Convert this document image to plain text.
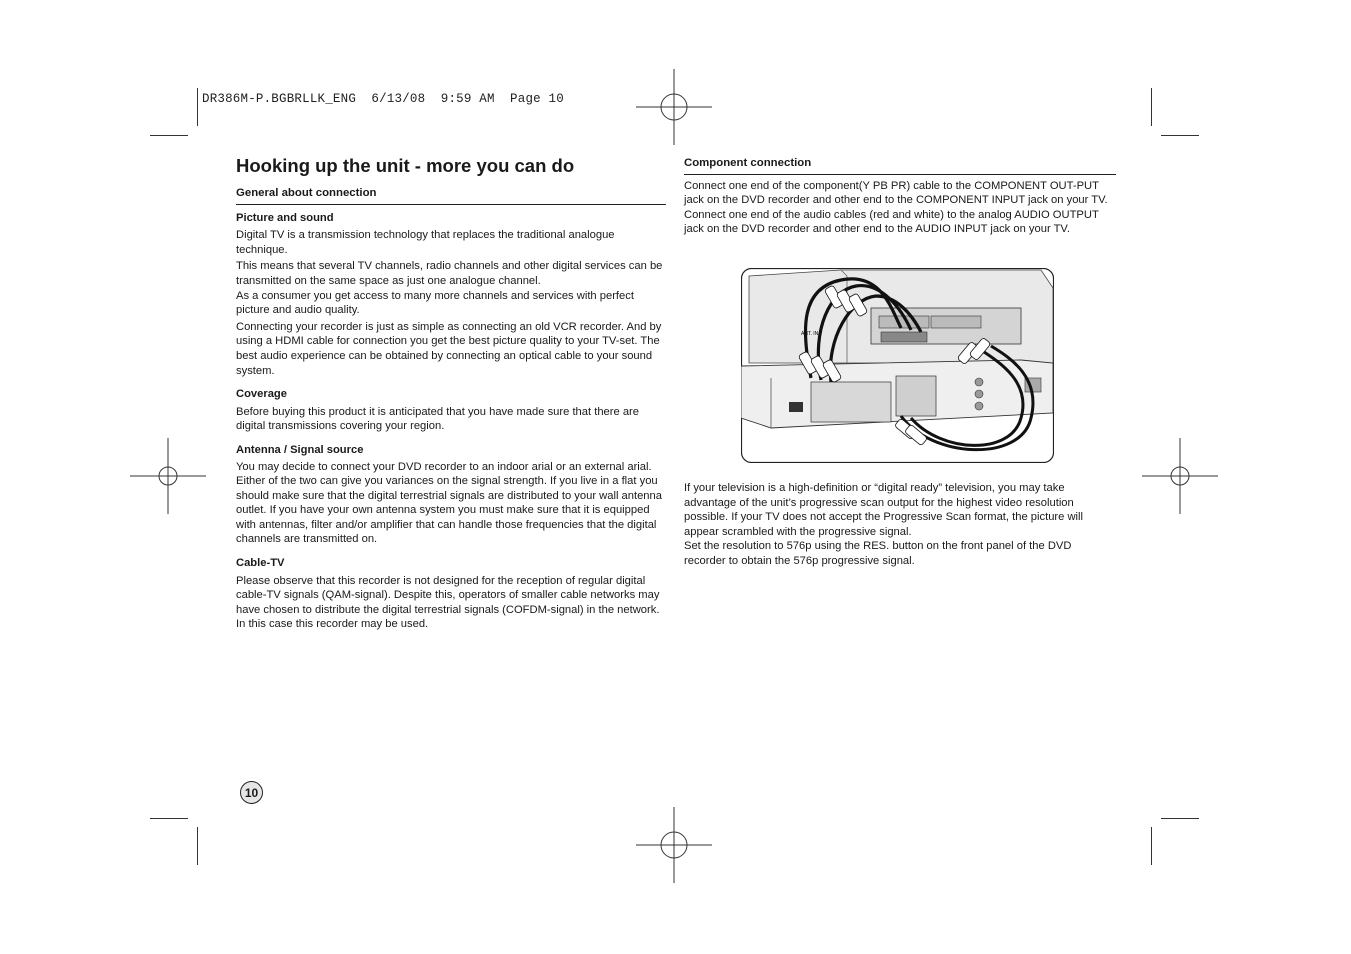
DR386M-P.BGBRLLK_ENG  6/13/08  9:59 AM  Page 10
Hooking up the unit - more you can do
General about connection
Picture and sound

Digital TV is a transmission technology that replaces the traditional analogue technique.

This means that several TV channels, radio channels and other digital services can be transmitted on the same space as just one analogue channel.

As a consumer you get access to many more channels and services with perfect picture and audio quality.

Connecting your recorder is just as simple as connecting an old VCR recorder. And by using a HDMI cable for connection you get the best picture quality to your TV-set. The best audio experience can be obtained by connecting an optical cable to your sound system.

Coverage

Before buying this product it is anticipated that you have made sure that there are digital transmissions covering your region.

Antenna / Signal source

You may decide to connect your DVD recorder to an indoor arial or an external arial. Either of the two can give you variances on the signal strength. If you live in a flat you should make sure that the digital terrestrial signals are distributed to your wall antenna outlet. If you have your own antenna system you must make sure that it is equipped with antennas, filter and/or amplifier that can handle those frequencies that the digital channels are transmitted on.

Cable-TV

Please observe that this recorder is not designed for the reception of regular digital cable-TV signals (QAM-signal). Despite this, operators of smaller cable networks may have chosen to distribute the digital terrestrial signals (COFDM-signal) in the network. In this case this recorder may be used.

Component connection

Connect one end of the component(Y PB PR) cable to the COMPONENT OUT-PUT jack on the DVD recorder and other end to the COMPONENT INPUT jack on your TV.

Connect one end of the audio cables (red and white) to the analog AUDIO OUTPUT jack on the DVD recorder and other end to the AUDIO INPUT jack on your TV.

If your television is a high-definition or “digital ready” television, you may take advantage of the unit’s progressive scan output for the highest video resolution possible. If your TV does not accept the Progressive Scan format, the picture will appear scrambled with the progressive signal.

Set the resolution to 576p using the RES. button on the front panel of the DVD recorder to obtain the 576p progressive signal.

ANT. IN
10
